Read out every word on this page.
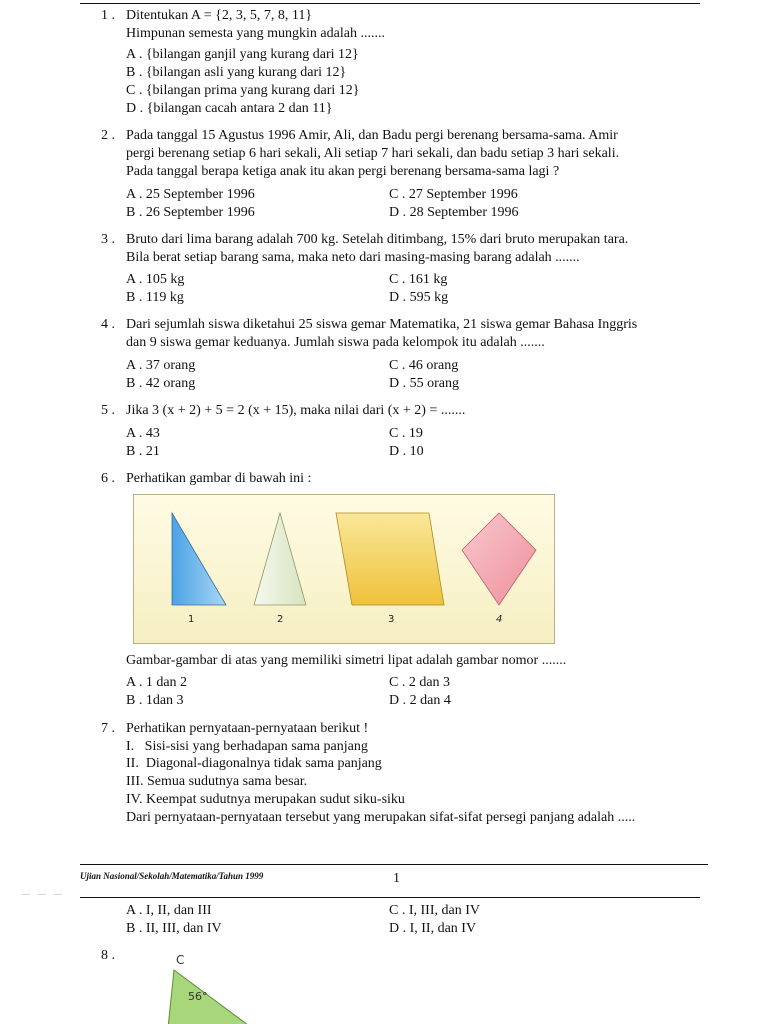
1 . Ditentukan A = {2, 3, 5, 7, 8, 11}
Himpunan semesta yang mungkin adalah .......
A . {bilangan ganjil yang kurang dari 12}
B . {bilangan asli yang kurang dari 12}
C . {bilangan prima yang kurang dari 12}
D . {bilangan cacah antara 2 dan 11}
2 . Pada tanggal 15 Agustus 1996 Amir, Ali, dan Badu pergi berenang bersama-sama. Amir
pergi berenang setiap 6 hari sekali, Ali setiap 7 hari sekali, dan badu setiap 3 hari sekali.
Pada tanggal berapa ketiga anak itu akan pergi berenang bersama-sama lagi ?
A . 25 September 1996
B . 26 September 1996
C . 27 September 1996
D . 28 September 1996
3 . Bruto dari lima barang adalah 700 kg. Setelah ditimbang, 15% dari bruto merupakan tara.
Bila berat setiap barang sama, maka neto dari masing-masing barang adalah .......
A . 105 kg
B . 119 kg
C . 161 kg
D . 595 kg
4 . Dari sejumlah siswa diketahui 25 siswa gemar Matematika, 21 siswa gemar Bahasa Inggris
dan 9 siswa gemar keduanya. Jumlah siswa pada kelompok itu adalah .......
A . 37 orang
B . 42 orang
C . 46 orang
D . 55 orang
5 . Jika 3 (x + 2) + 5 = 2 (x + 15), maka nilai dari (x + 2) = .......
A . 43
B . 21
C . 19
D . 10
6 . Perhatikan gambar di bawah ini :
1	2	3	4
Gambar-gambar di atas yang memiliki simetri lipat adalah gambar nomor .......
A . 1 dan 2
B . 1dan 3
C . 2 dan 3
D . 2 dan 4
7 . Perhatikan pernyataan-pernyataan berikut !
I.   Sisi-sisi yang berhadapan sama panjang
II.  Diagonal-diagonalnya tidak sama panjang
III. Semua sudutnya sama besar.
IV. Keempat sudutnya merupakan sudut siku-siku
Dari pernyataan-pernyataan tersebut yang merupakan sifat-sifat persegi panjang adalah .....
Ujian Nasional/Sekolah/Matematika/Tahun 1999	1
— — —
A . I, II, dan III
B . II, III, dan IV
C . I, III, dan IV
D . I, II, dan IV
8 .	C
56°
